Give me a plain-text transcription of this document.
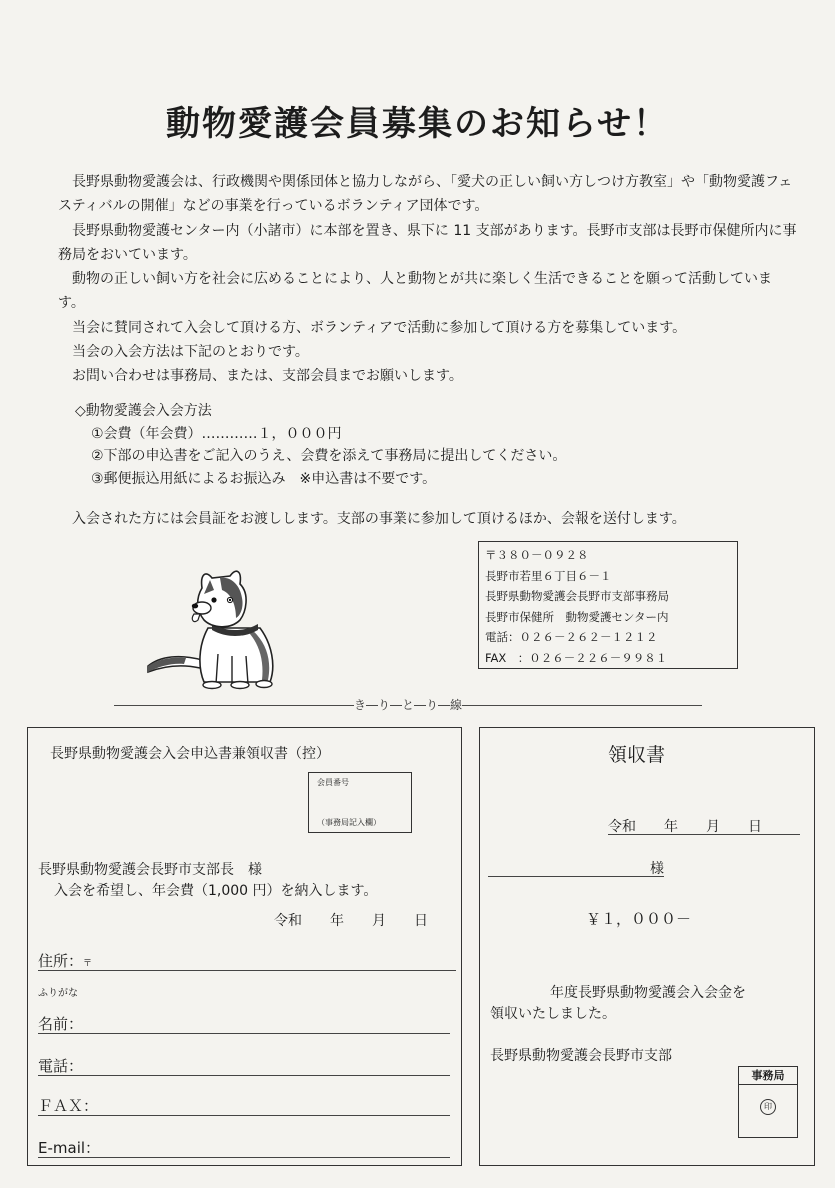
動物愛護会員募集のお知らせ！

長野県動物愛護会は、行政機関や関係団体と協力しながら、「愛犬の正しい飼い方しつけ方教室」や「動物愛護フェスティバルの開催」などの事業を行っているボランティア団体です。

長野県動物愛護センター内（小諸市）に本部を置き、県下に 11 支部があります。長野市支部は長野市保健所内に事務局をおいています。

動物の正しい飼い方を社会に広めることにより、人と動物とが共に楽しく生活できることを願って活動しています。

当会に賛同されて入会して頂ける方、ボランティアで活動に参加して頂ける方を募集しています。

当会の入会方法は下記のとおりです。

お問い合わせは事務局、または、支部会員までお願いします。

◇動物愛護会入会方法
①会費（年会費）…………１，０００円
②下部の申込書をご記入のうえ、会費を添えて事務局に提出してください。
③郵便振込用紙によるお振込み　※申込書は不要です。

入会された方には会員証をお渡しします。支部の事業に参加して頂けるほか、会報を送付します。

〒３８０－０９２８
長野市若里６丁目６－１
長野県動物愛護会長野市支部事務局
長野市保健所　動物愛護センター内
電話：０２６－２６２－１２１２
FAX　：０２６－２２６－９９８１
――――――――――――――――――――き―り―と―り―線――――――――――――――――――――
長野県動物愛護会入会申込書兼領収書（控）
会員番号
（事務局記入欄）
長野県動物愛護会長野市支部長　様
入会を希望し、年会費（1,000 円）を納入します。
令和　　年　　月　　日
住所：〒
ふりがな
名前：
電話：
ＦＡＸ：
E-mail：
領収書
令和　　年　　月　　日
様
￥１，０００－
年度長野県動物愛護会入会金を
領収いたしました。
長野県動物愛護会長野市支部
事務局
印
